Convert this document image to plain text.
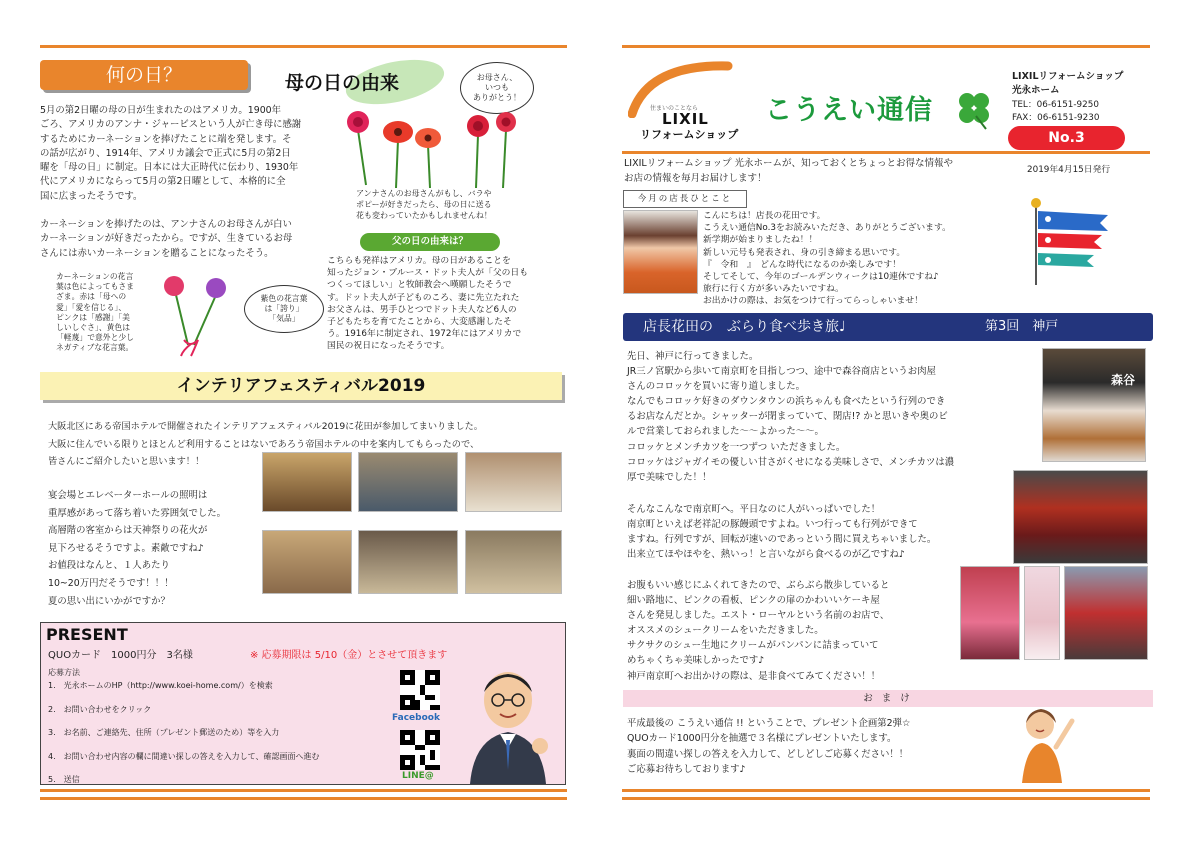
何の日？	母の日の由来	お母さん、
いつも
ありがとう！
5月の第2日曜の母の日が生まれたのはアメリカ。1900年
ごろ、アメリカのアンナ・ジャービスという人が亡き母に感謝
するためにカーネーションを捧げたことに端を発します。そ
の話が広がり、1914年、アメリカ議会で正式に5月の第2日
曜を「母の日」に制定。日本には大正時代に伝わり、1930年
代にアメリカにならって5月の第2日曜として、本格的に全
国に広まったそうです。
カーネーションを捧げたのは、アンナさんのお母さんが白い
カーネーションが好きだったから。ですが、生きているお母
さんには赤いカーネーションを贈ることになったそう。
アンナさんのお母さんがもし、バラや
ポピーが好きだったら、母の日に送る
花も変わっていたかもしれませんね！
父の日の由来は？
こちらも発祥はアメリカ。母の日があることを
知ったジョン・ブルース・ドット夫人が「父の日も
つくってほしい」と牧師教会へ嘆願したそうで
す。ドット夫人が子どものころ、妻に先立たれた
お父さんは、男手ひとつでドット夫人など6人の
子どもたちを育てたことから、大変感謝したそ
う。1916年に制定され、1972年にはアメリカで
国民の祝日になったそうです。
カーネーションの花言
葉は色によってもさま
ざま。赤は「母への
愛」「愛を信じる」、
ピンクは「感謝」「美
しいしぐさ」、黄色は
「軽蔑」で意外と少し
ネガティブな花言葉。
紫色の花言葉
は「誇り」
「気品」
インテリアフェスティバル2019
大阪北区にある帝国ホテルで開催されたインテリアフェスティバル2019に花田が参加してまいりました。
大阪に住んでいる限りとほとんど利用することはないであろう帝国ホテルの中を案内してもらったので、
皆さんにご紹介したいと思います！！
宴会場とエレベーターホールの照明は
重厚感があって落ち着いた雰囲気でした。
高層階の客室からは天神祭りの花火が
見下ろせるそうですよ。素敵ですね♪
お値段はなんと、１人あたり
10~20万円だそうです！！！
夏の思い出にいかがですか？
PRESENT
QUOカード　1000円分　3名様	※ 応募期限は 5/10（金）とさせて頂きます
応募方法
1.　光永ホームのHP（http://www.koei-home.com/）を検索
2.　お問い合わせをクリック
3.　お名前、ご連絡先、住所（プレゼント郵送のため）等を入力
4.　お問い合わせ内容の欄に間違い探しの答えを入力して、確認画面へ進む
5.　送信
Facebook
LINE@
住まいのことなら
LIXIL
リフォームショップ
こうえい通信
LIXILリフォームショップ
光永ホーム
TEL：06-6151-9250
FAX：06-6151-9230
No.3
LIXILリフォームショップ 光永ホームが、知っておくとちょっとお得な情報や
お店の情報を毎月お届けします！
2019年4月15日発行
今月の店長ひとこと
こんにちは！店長の花田です。
こうえい通信No.3をお読みいただき、ありがとうございます。
新学期が始まりましたね！！
新しい元号も発表され、身の引き締まる思いです。
『　令和　』　どんな時代になるのか楽しみです！
そしてそして、今年のゴールデンウィークは10連休ですね♪
旅行に行く方が多いみたいですね。
お出かけの際は、お気をつけて行ってらっしゃいませ！
店長花田の　ぶらり食べ歩き旅♩	第3回　神戸
先日、神戸に行ってきました。
JR三ノ宮駅から歩いて南京町を目指しつつ、途中で森谷商店というお肉屋
さんのコロッケを買いに寄り道しました。
なんでもコロッケ好きのダウンタウンの浜ちゃんも食べたという行列のでき
るお店なんだとか。シャッターが閉まっていて、閉店!? かと思いきや奥のビ
ルで営業しておられました～～よかった～～。
コロッケとメンチカツを一つずつ いただきました。
コロッケはジャガイモの優しい甘さがくせになる美味しさで、メンチカツは濃
厚で美味でした！！
そんなこんなで南京町へ。平日なのに人がいっぱいでした！
南京町といえば老祥記の豚饅頭ですよね。いつ行っても行列ができて
ますね。行列ですが、回転が速いのであっという間に買えちゃいました。
出来立てほやほやを、熱いっ！と言いながら食べるのが乙ですね♪
お腹もいい感じにふくれてきたので、ぶらぶら散歩していると
細い路地に、ピンクの看板、ピンクの扉のかわいいケーキ屋
さんを発見しました。エスト・ローヤルという名前のお店で、
オススメのシュークリームをいただきました。
サクサクのシュー生地にクリームがパンパンに詰まっていて
めちゃくちゃ美味しかったです♪
神戸南京町へお出かけの際は、是非食べてみてください！！
森谷
お ま け
平成最後の こうえい通信 !! ということで、プレゼント企画第2弾☆
QUOカード1000円分を抽選で３名様にプレゼントいたします。
裏面の間違い探しの答えを入力して、どしどしご応募ください！！
ご応募お待ちしております♪
